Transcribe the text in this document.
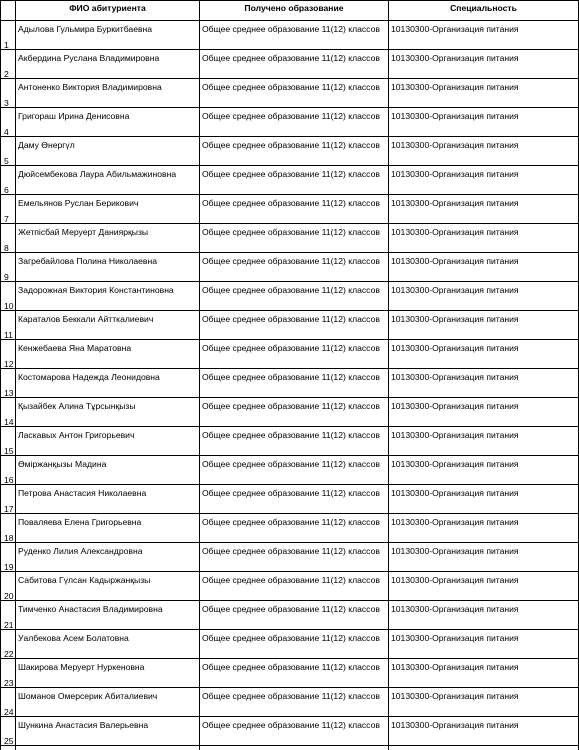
	ФИО абитуриента	Получено образование	Специальность
1	Адылова Гульмира Буркитбаевна	Общее среднее образование 11(12) классов	10130300-Организация питания
2	Акбердина Руслана Владимировна	Общее среднее образование 11(12) классов	10130300-Организация питания
3	Антоненко Виктория Владимировна	Общее среднее образование 11(12) классов	10130300-Организация питания
4	Григораш Ирина Денисовна	Общее среднее образование 11(12) классов	10130300-Организация питания
5	Даму Өнергүл	Общее среднее образование 11(12) классов	10130300-Организация питания
6	Дюйсембекова Лаура Абильмажиновна	Общее среднее образование 11(12) классов	10130300-Организация питания
7	Емельянов Руслан Берикович	Общее среднее образование 11(12) классов	10130300-Организация питания
8	Жетпісбай Меруерт Даниярқызы	Общее среднее образование 11(12) классов	10130300-Организация питания
9	Загребайлова Полина Николаевна	Общее среднее образование 11(12) классов	10130300-Организация питания
10	Задорожная Виктория Константиновна	Общее среднее образование 11(12) классов	10130300-Организация питания
11	Караталов Беккали Айтткалиевич	Общее среднее образование 11(12) классов	10130300-Организация питания
12	Кенжебаева Яна Маратовна	Общее среднее образование 11(12) классов	10130300-Организация питания
13	Костомарова Надежда Леонидовна	Общее среднее образование 11(12) классов	10130300-Организация питания
14	Қызайбек Алина Тұрсынқызы	Общее среднее образование 11(12) классов	10130300-Организация питания
15	Ласкавых Антон Григорьевич	Общее среднее образование 11(12) классов	10130300-Организация питания
16	Өміржанқызы Мадина	Общее среднее образование 11(12) классов	10130300-Организация питания
17	Петрова Анастасия Николаевна	Общее среднее образование 11(12) классов	10130300-Организация питания
18	Поваляева Елена Григорьевна	Общее среднее образование 11(12) классов	10130300-Организация питания
19	Руденко Лилия Александровна	Общее среднее образование 11(12) классов	10130300-Организация питания
20	Сабитова Гүлсан Кадыржанқызы	Общее среднее образование 11(12) классов	10130300-Организация питания
21	Тимченко Анастасия Владимировна	Общее среднее образование 11(12) классов	10130300-Организация питания
22	Уалбекова Асем Болатовна	Общее среднее образование 11(12) классов	10130300-Организация питания
23	Шакирова Меруерт Нуркеновна	Общее среднее образование 11(12) классов	10130300-Организация питания
24	Шоманов Омерсерик Абиталиевич	Общее среднее образование 11(12) классов	10130300-Организация питания
25	Шункина Анастасия Валерьевна	Общее среднее образование 11(12) классов	10130300-Организация питания
